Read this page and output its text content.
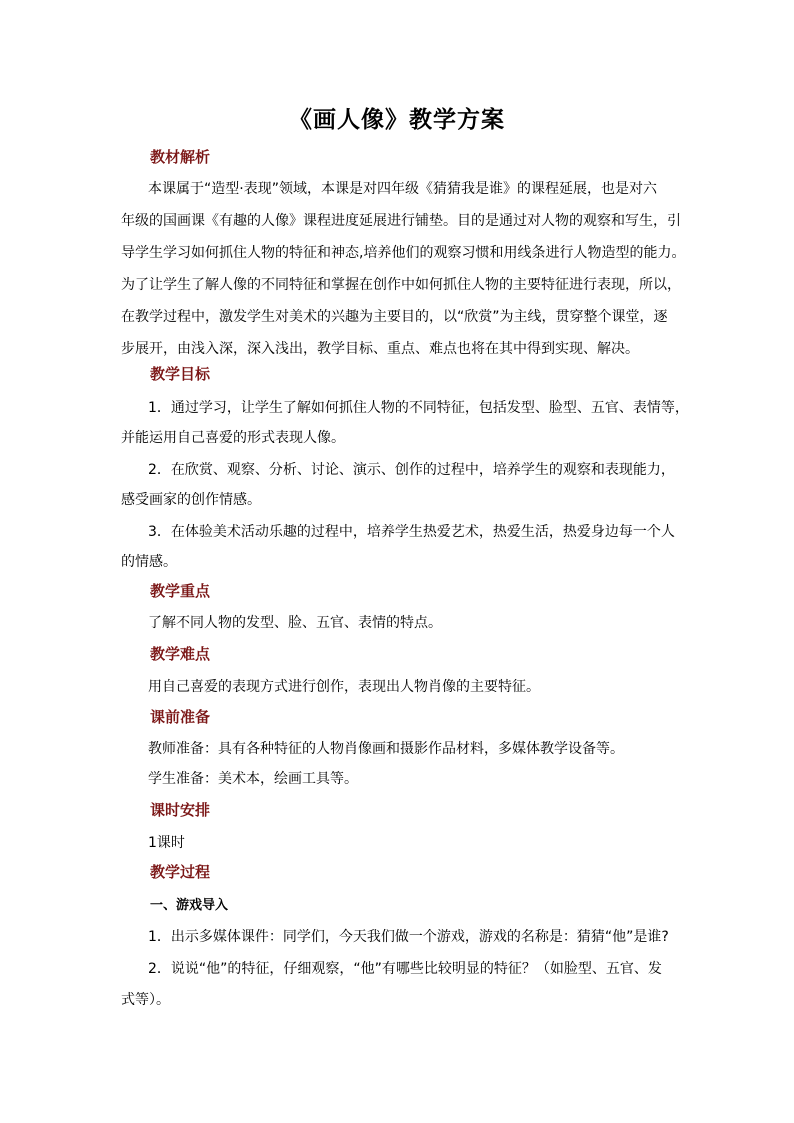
《画人像》教学方案
教材解析
本课属于“造型·表现”领域，本课是对四年级《猜猜我是谁》的课程延展，也是对六
年级的国画课《有趣的人像》课程进度延展进行铺垫。目的是通过对人物的观察和写生，引
导学生学习如何抓住人物的特征和神态,培养他们的观察习惯和用线条进行人物造型的能力。
为了让学生了解人像的不同特征和掌握在创作中如何抓住人物的主要特征进行表现，所以，
在教学过程中，激发学生对美术的兴趣为主要目的，以“欣赏”为主线，贯穿整个课堂，逐
步展开，由浅入深，深入浅出，教学目标、重点、难点也将在其中得到实现、解决。
教学目标
1．通过学习，让学生了解如何抓住人物的不同特征，包括发型、脸型、五官、表情等，
并能运用自己喜爱的形式表现人像。
2．在欣赏、观察、分析、讨论、演示、创作的过程中，培养学生的观察和表现能力，
感受画家的创作情感。
3．在体验美术活动乐趣的过程中，培养学生热爱艺术，热爱生活，热爱身边每一个人
的情感。
教学重点
了解不同人物的发型、脸、五官、表情的特点。
教学难点
用自己喜爱的表现方式进行创作，表现出人物肖像的主要特征。
课前准备
教师准备：具有各种特征的人物肖像画和摄影作品材料，多媒体教学设备等。
学生准备：美术本，绘画工具等。
课时安排
1课时
教学过程
一、游戏导入
1．出示多媒体课件：同学们，今天我们做一个游戏，游戏的名称是：猜猜“他”是谁?
2．说说“他”的特征，仔细观察，“他”有哪些比较明显的特征？（如脸型、五官、发
式等）。
